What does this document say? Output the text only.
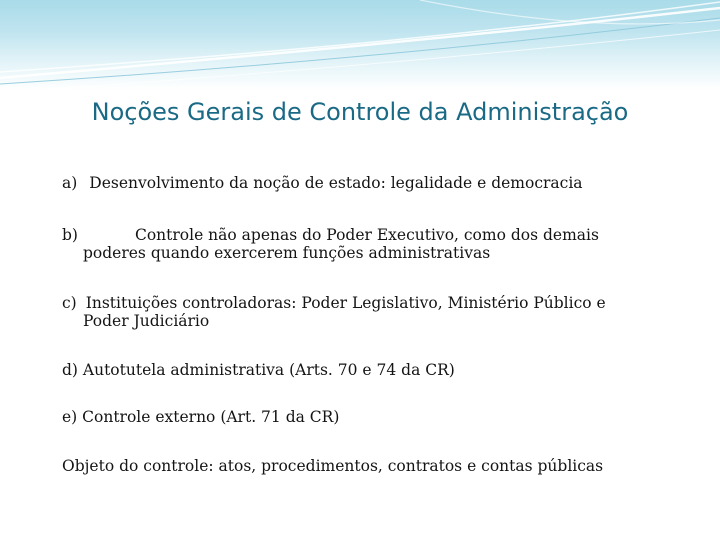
Noções Gerais de Controle da Administração
a) Desenvolvimento da noção de estado: legalidade e democracia
b)	Controle não apenas do Poder Executivo, como dos demais
poderes quando exercerem funções administrativas
c) Instituições controladoras: Poder Legislativo, Ministério Público e
Poder Judiciário
d) Autotutela administrativa (Arts. 70 e 74 da CR)
e) Controle externo (Art. 71 da CR)
Objeto do controle: atos, procedimentos, contratos e contas públicas
